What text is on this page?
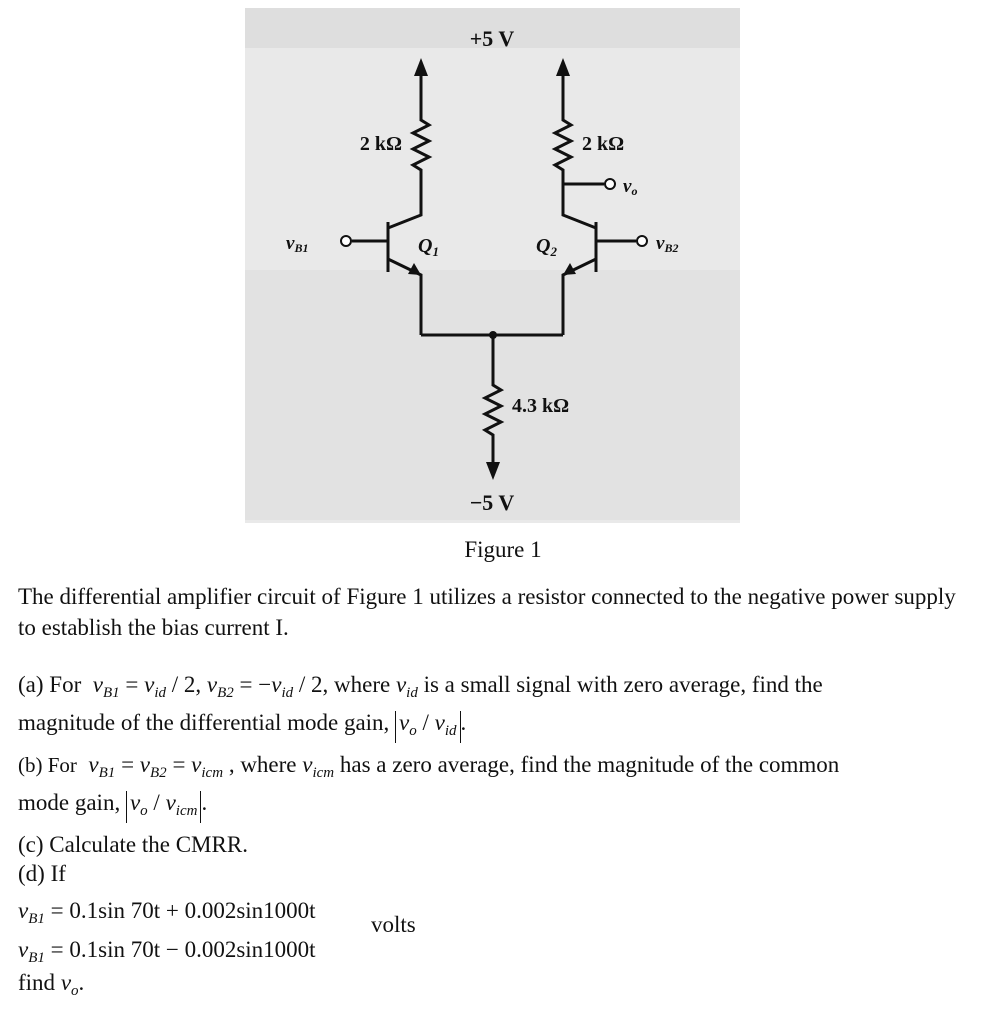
+5 V
2 kΩ	2 kΩ
4.3 kΩ
−5 V
$Q_1$	$Q_2$
vB1	vB2
vo
Figure 1
The differential amplifier circuit of Figure 1 utilizes a resistor connected to the negative power supply to establish the bias current I.
(a) For $v_{B1} = v_{id} / 2$, $v_{B2} = -v_{id} / 2$, where $v_{id}$ is a small signal with zero average, find the
magnitude of the differential mode gain, $v_o / v_{id}$ .
(b) For $v_{B1} = v_{B2} = v_{icm}$ , where $v_{icm}$ has a zero average, find the magnitude of the common
mode gain, $v_o / v_{icm}$ .
(c) Calculate the CMRR.
(d) If
$v_{B1} = 0.1\sin$ 70t + 0.002sin1000t
$v_{B1} = 0.1\sin$ 70t − 0.002sin1000t
volts
find $v_o$.
